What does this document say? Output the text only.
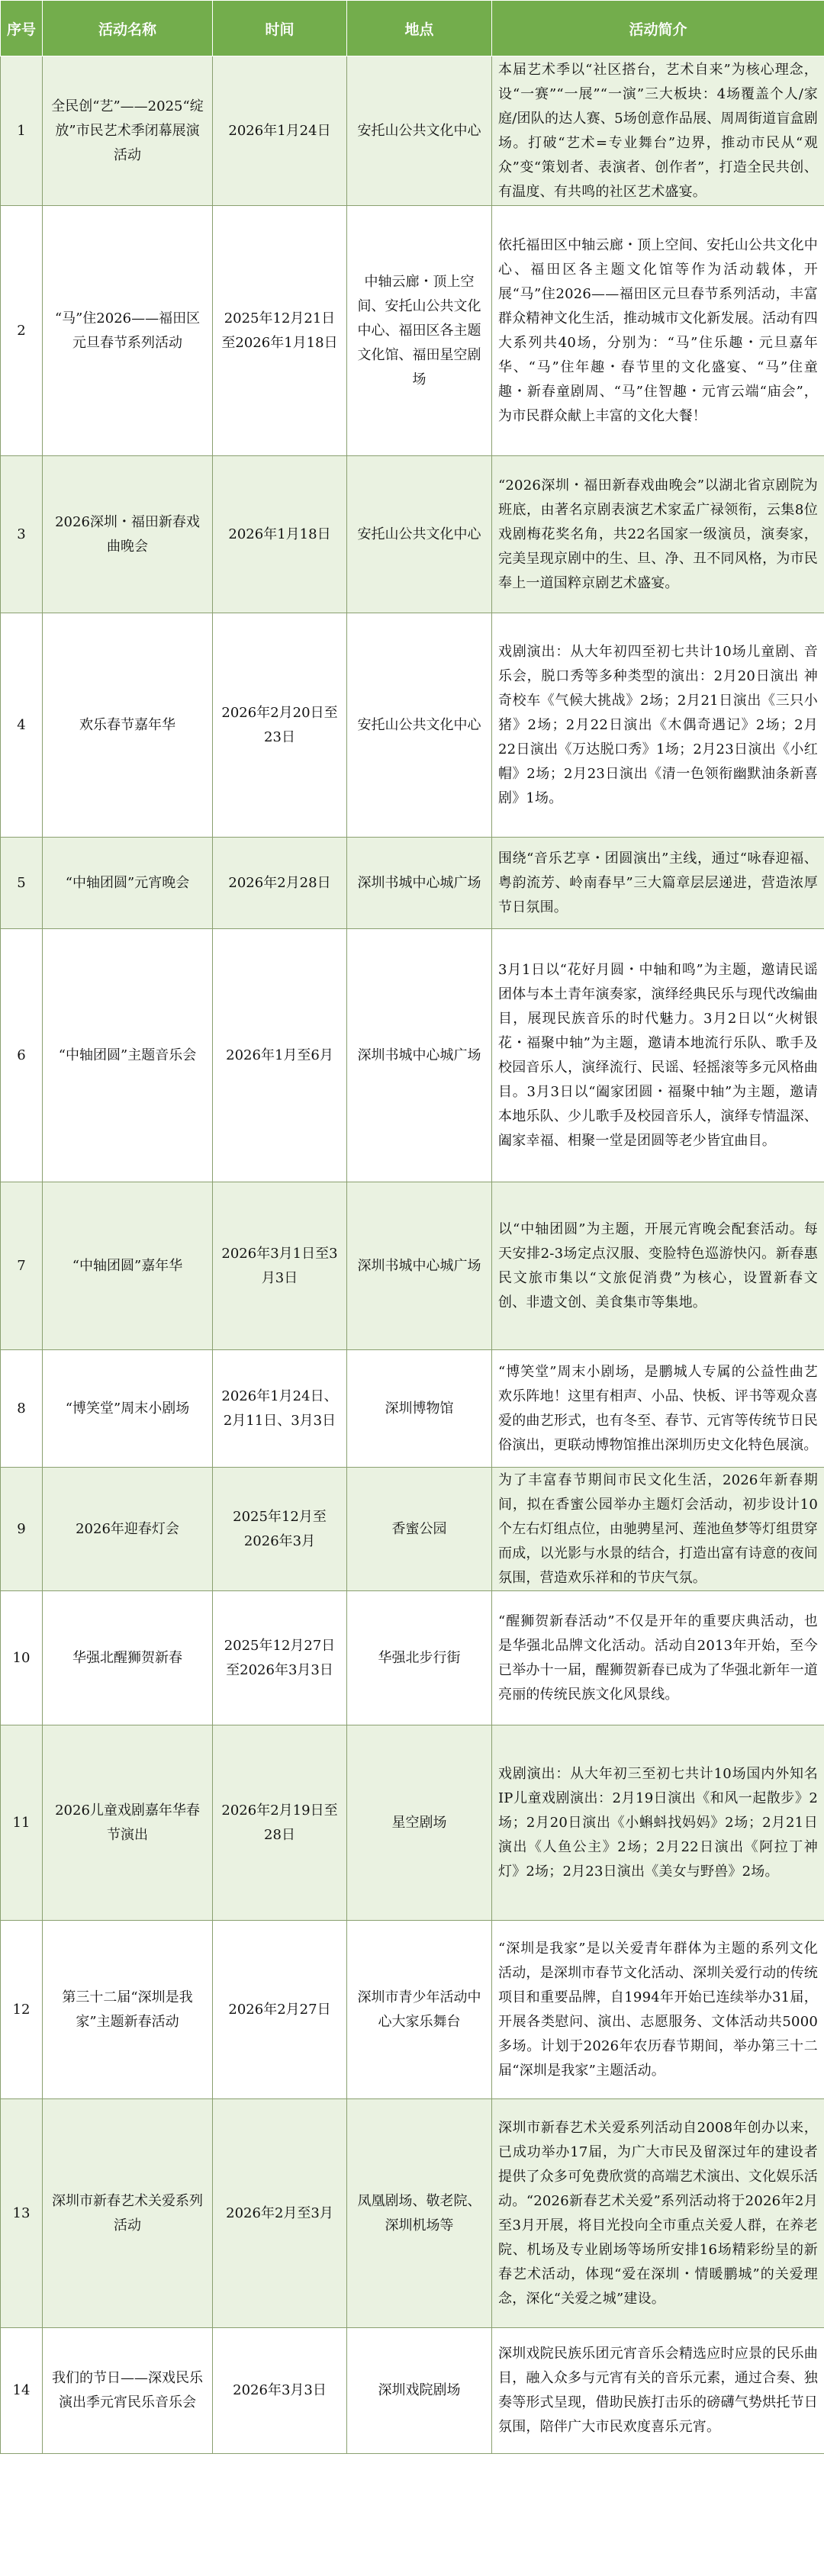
序号	活动名称	时间	地点	活动简介
1	全民创“艺”——2025“绽放”市民艺术季闭幕展演活动	2026年1月24日	安托山公共文化中心	本届艺术季以“社区搭台，艺术自来”为核心理念，设“一赛”“一展”“一演”三大板块：4场覆盖个人/家庭/团队的达人赛、5场创意作品展、周周街道盲盒剧场。打破“艺术=专业舞台”边界，推动市民从“观众”变“策划者、表演者、创作者”，打造全民共创、有温度、有共鸣的社区艺术盛宴。
2	“马”住2026——福田区元旦春节系列活动	2025年12月21日至2026年1月18日	中轴云廊・顶上空间、安托山公共文化中心、福田区各主题文化馆、福田星空剧场	依托福田区中轴云廊・顶上空间、安托山公共文化中心、福田区各主题文化馆等作为活动载体，开展“马”住2026——福田区元旦春节系列活动，丰富群众精神文化生活，推动城市文化新发展。活动有四大系列共40场，分别为：“马”住乐趣・元旦嘉年华、“马”住年趣・春节里的文化盛宴、“马”住童趣・新春童剧周、“马”住智趣・元宵云端“庙会”，为市民群众献上丰富的文化大餐！
3	2026深圳・福田新春戏曲晚会	2026年1月18日	安托山公共文化中心	“2026深圳・福田新春戏曲晚会”以湖北省京剧院为班底，由著名京剧表演艺术家孟广禄领衔，云集8位戏剧梅花奖名角，共22名国家一级演员，演奏家，完美呈现京剧中的生、旦、净、丑不同风格，为市民奉上一道国粹京剧艺术盛宴。
4	欢乐春节嘉年华	2026年2月20日至23日	安托山公共文化中心	戏剧演出：从大年初四至初七共计10场儿童剧、音乐会，脱口秀等多种类型的演出：2月20日演出 神奇校车《气候大挑战》2场；2月21日演出《三只小猪》2场；2月22日演出《木偶奇遇记》2场；2月22日演出《万达脱口秀》1场；2月23日演出《小红帽》2场；2月23日演出《清一色领衔幽默油条新喜剧》1场。
5	“中轴团圆”元宵晚会	2026年2月28日	深圳书城中心城广场	围绕“音乐艺享・团圆演出”主线，通过“咏春迎福、粤韵流芳、岭南春早”三大篇章层层递进，营造浓厚节日氛围。
6	“中轴团圆”主题音乐会	2026年1月至6月	深圳书城中心城广场	3月1日以“花好月圆・中轴和鸣”为主题，邀请民谣团体与本土青年演奏家，演绎经典民乐与现代改编曲目，展现民族音乐的时代魅力。3月2日以“火树银花・福聚中轴”为主题，邀请本地流行乐队、歌手及校园音乐人，演绎流行、民谣、轻摇滚等多元风格曲目。3月3日以“阖家团圆・福聚中轴”为主题，邀请本地乐队、少儿歌手及校园音乐人，演绎专情温深、阖家幸福、相聚一堂是团圆等老少皆宜曲目。
7	“中轴团圆”嘉年华	2026年3月1日至3月3日	深圳书城中心城广场	以“中轴团圆”为主题，开展元宵晚会配套活动。每天安排2-3场定点汉服、变脸特色巡游快闪。新春惠民文旅市集以“文旅促消费”为核心，设置新春文创、非遗文创、美食集市等集地。
8	“博笑堂”周末小剧场	2026年1月24日、2月11日、3月3日	深圳博物馆	“博笑堂”周末小剧场，是鹏城人专属的公益性曲艺欢乐阵地！这里有相声、小品、快板、评书等观众喜爱的曲艺形式，也有冬至、春节、元宵等传统节日民俗演出，更联动博物馆推出深圳历史文化特色展演。
9	2026年迎春灯会	2025年12月至2026年3月	香蜜公园	为了丰富春节期间市民文化生活，2026年新春期间，拟在香蜜公园举办主题灯会活动，初步设计10个左右灯组点位，由驰骋星河、莲池鱼梦等灯组贯穿而成，以光影与水景的结合，打造出富有诗意的夜间氛围，营造欢乐祥和的节庆气氛。
10	华强北醒狮贺新春	2025年12月27日至2026年3月3日	华强北步行街	“醒狮贺新春活动”不仅是开年的重要庆典活动，也是华强北品牌文化活动。活动自2013年开始，至今已举办十一届，醒狮贺新春已成为了华强北新年一道亮丽的传统民族文化风景线。
11	2026儿童戏剧嘉年华春节演出	2026年2月19日至28日	星空剧场	戏剧演出：从大年初三至初七共计10场国内外知名IP儿童戏剧演出：2月19日演出《和风一起散步》2场；2月20日演出《小蝌蚪找妈妈》2场；2月21日演出《人鱼公主》2场；2月22日演出《阿拉丁神灯》2场；2月23日演出《美女与野兽》2场。
12	第三十二届“深圳是我家”主题新春活动	2026年2月27日	深圳市青少年活动中心大家乐舞台	“深圳是我家”是以关爱青年群体为主题的系列文化活动，是深圳市春节文化活动、深圳关爱行动的传统项目和重要品牌，自1994年开始已连续举办31届，开展各类慰问、演出、志愿服务、文体活动共5000多场。计划于2026年农历春节期间，举办第三十二届“深圳是我家”主题活动。
13	深圳市新春艺术关爱系列活动	2026年2月至3月	凤凰剧场、敬老院、深圳机场等	深圳市新春艺术关爱系列活动自2008年创办以来，已成功举办17届，为广大市民及留深过年的建设者提供了众多可免费欣赏的高端艺术演出、文化娱乐活动。“2026新春艺术关爱”系列活动将于2026年2月至3月开展，将目光投向全市重点关爱人群，在养老院、机场及专业剧场等场所安排16场精彩纷呈的新春艺术活动，体现“爱在深圳・情暖鹏城”的关爱理念，深化“关爱之城”建设。
14	我们的节日——深戏民乐演出季元宵民乐音乐会	2026年3月3日	深圳戏院剧场	深圳戏院民族乐团元宵音乐会精选应时应景的民乐曲目，融入众多与元宵有关的音乐元素，通过合奏、独奏等形式呈现，借助民族打击乐的磅礴气势烘托节日氛围，陪伴广大市民欢度喜乐元宵。
